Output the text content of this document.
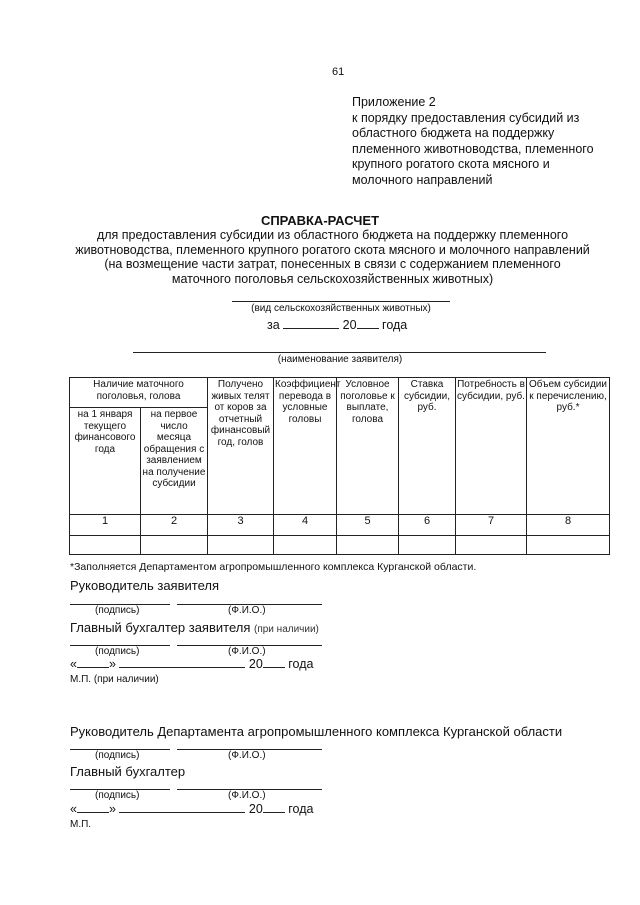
61
Приложение 2
к порядку предоставления субсидий из
областного бюджета на поддержку
племенного животноводства, племенного
крупного рогатого скота мясного и
молочного направлений
СПРАВКА-РАСЧЕТ
для предоставления субсидии из областного бюджета на поддержку племенного
животноводства, племенного крупного рогатого скота мясного и молочного направлений
(на возмещение части затрат, понесенных в связи с содержанием племенного
маточного поголовья сельскохозяйственных животных)
(вид сельскохозяйственных животных)
за	20 года
(наименование заявителя)
Наличие маточного поголовья, голова		Получено живых телят от коров за отчетный финансовый год, голов	Коэффициент перевода в условные головы	Условное поголовье к выплате, голова	Ставка субсидии, руб.	Потребность в субсидии, руб.	Объем субсидии к перечислению, руб.*
на 1 января текущего финансового года	на первое число месяца обращения с заявлением на получение субсидии						
1	2	3	4	5	6	7	8

*Заполняется Департаментом агропромышленного комплекса Курганской области.
Руководитель заявителя
(подпись)	(Ф.И.О.)
Главный бухгалтер заявителя (при наличии)
(подпись)	(Ф.И.О.)
«	»	20 года
М.П. (при наличии)
Руководитель Департамента агропромышленного комплекса Курганской области
(подпись)	(Ф.И.О.)
Главный бухгалтер
(подпись)	(Ф.И.О.)
«	»	20 года
М.П.
